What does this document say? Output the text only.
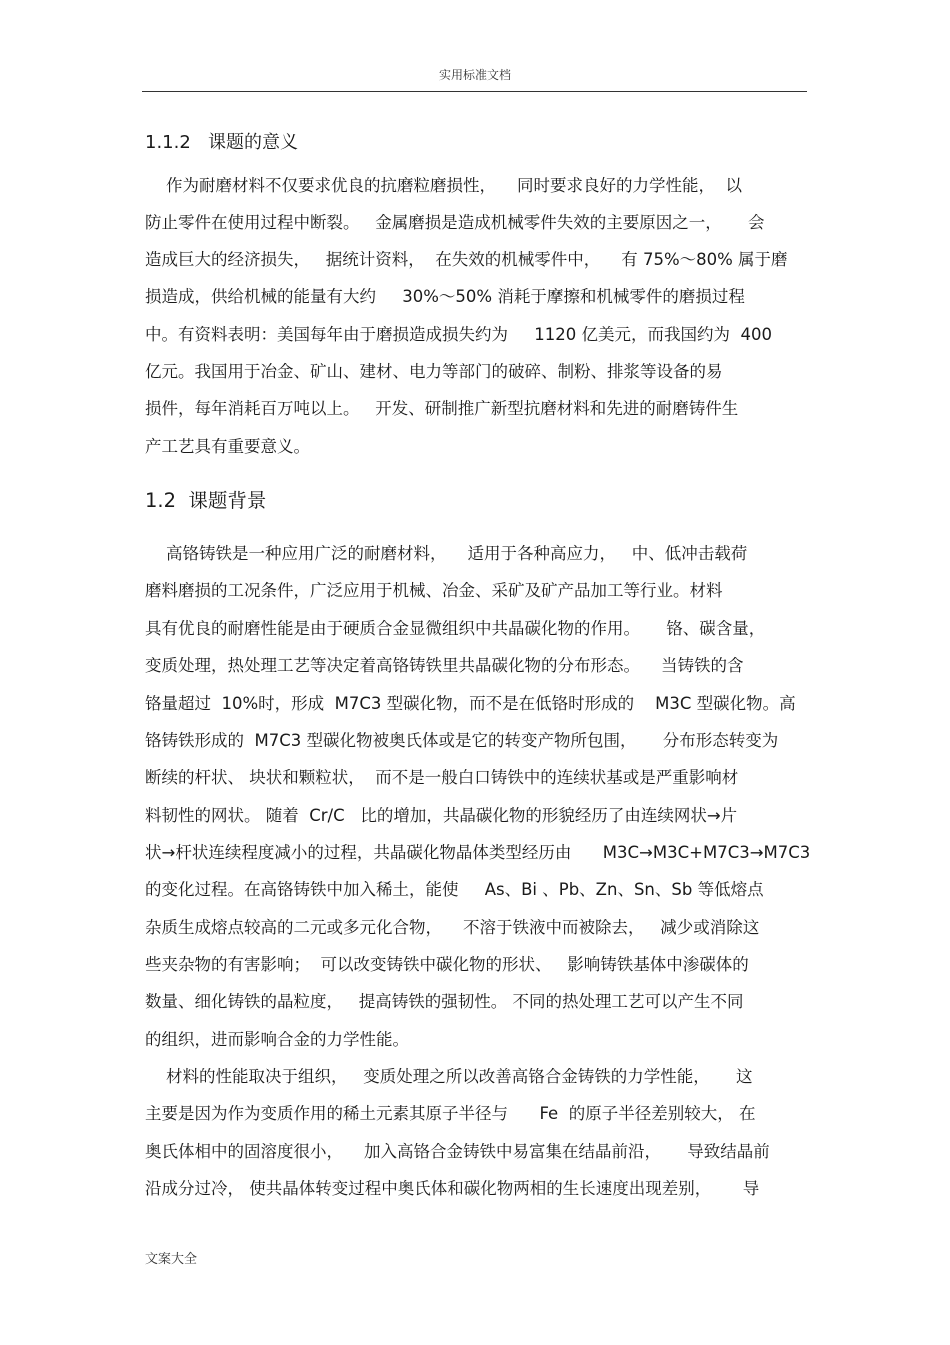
实用标准文档
1.1.2   课题的意义
作为耐磨材料不仅要求优良的抗磨粒磨损性，    同时要求良好的力学性能，  以
防止零件在使用过程中断裂。   金属磨损是造成机械零件失效的主要原因之一，     会
造成巨大的经济损失，   据统计资料，  在失效的机械零件中，    有 75%～80% 属于磨
损造成，供给机械的能量有大约     30%～50% 消耗于摩擦和机械零件的磨损过程
中。有资料表明：美国每年由于磨损造成损失约为     1120 亿美元，而我国约为  400
亿元。我国用于冶金、矿山、建材、电力等部门的破碎、制粉、排浆等设备的易
损件，每年消耗百万吨以上。   开发、研制推广新型抗磨材料和先进的耐磨铸件生
产工艺具有重要意义。
1.2  课题背景
高铬铸铁是一种应用广泛的耐磨材料，    适用于各种高应力，   中、低冲击载荷
磨料磨损的工况条件，广泛应用于机械、冶金、采矿及矿产品加工等行业。材料
具有优良的耐磨性能是由于硬质合金显微组织中共晶碳化物的作用。     铬、碳含量，
变质处理，热处理工艺等决定着高铬铸铁里共晶碳化物的分布形态。    当铸铁的含
铬量超过  10%时，形成  M7C3 型碳化物，而不是在低铬时形成的    M3C 型碳化物。高
铬铸铁形成的  M7C3 型碳化物被奥氏体或是它的转变产物所包围，     分布形态转变为
断续的杆状、 块状和颗粒状，  而不是一般白口铸铁中的连续状基或是严重影响材
料韧性的网状。 随着  Cr/C   比的增加，共晶碳化物的形貌经历了由连续网状→片
状→杆状连续程度减小的过程，共晶碳化物晶体类型经历由      M3C→M3C+M7C3→M7C3
的变化过程。在高铬铸铁中加入稀土，能使     As、Bi 、Pb、Zn、Sn、Sb 等低熔点
杂质生成熔点较高的二元或多元化合物，    不溶于铁液中而被除去，   减少或消除这
些夹杂物的有害影响；  可以改变铸铁中碳化物的形状、   影响铸铁基体中渗碳体的
数量、细化铸铁的晶粒度，   提高铸铁的强韧性。 不同的热处理工艺可以产生不同
的组织，进而影响合金的力学性能。
材料的性能取决于组织，   变质处理之所以改善高铬合金铸铁的力学性能，     这
主要是因为作为变质作用的稀土元素其原子半径与      Fe  的原子半径差别较大， 在
奥氏体相中的固溶度很小，    加入高铬合金铸铁中易富集在结晶前沿，     导致结晶前
沿成分过冷， 使共晶体转变过程中奥氏体和碳化物两相的生长速度出现差别，      导
文案大全
